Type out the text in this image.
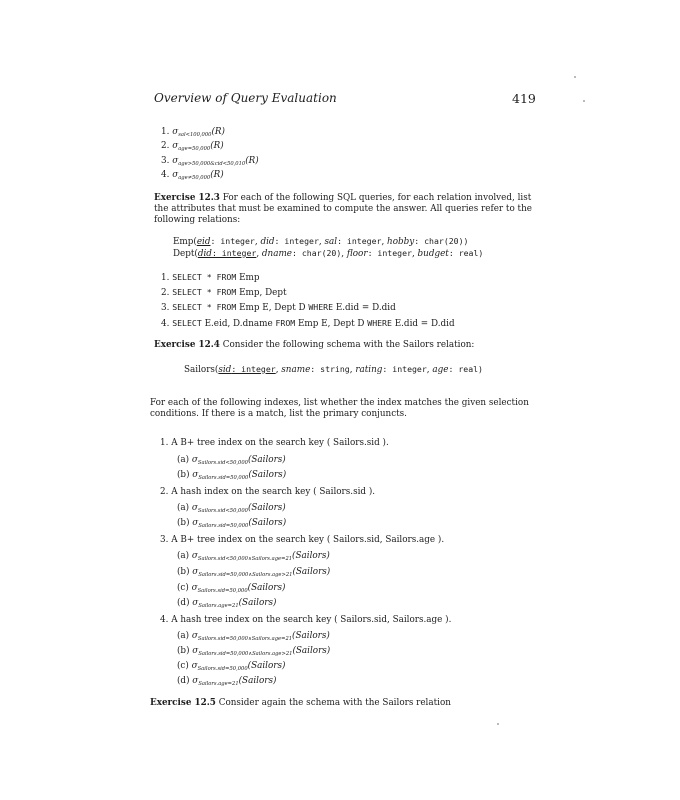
Overview of Query Evaluation	419
1. $\sigma_{sal<100,000}(R)$
2. $\sigma_{age=50,000}(R)$
3. $\sigma_{age>50,000\&cid<50,010}(R)$
4. $\sigma_{age\ne 50,000}(R)$
Exercise 12.3 For each of the following SQL queries, for each relation involved, list the attributes that must be examined to compute the answer. All queries refer to the following relations:
Emp(eid: integer, did: integer, sal: integer, hobby: char(20))
Dept(did: integer, dname: char(20), floor: integer, budget: real)
1. SELECT * FROM Emp
2. SELECT * FROM Emp, Dept
3. SELECT * FROM Emp E, Dept D WHERE E.did = D.did
4. SELECT E.eid, D.dname FROM Emp E, Dept D WHERE E.did = D.did
Exercise 12.4 Consider the following schema with the Sailors relation:
Sailors(sid: integer, sname: string, rating: integer, age: real)
For each of the following indexes, list whether the index matches the given selection conditions. If there is a match, list the primary conjuncts.
1. A B+ tree index on the search key ( Sailors.sid ).
(a) $\sigma_{Sailors.sid<50,000}(Sailors)$
(b) $\sigma_{Sailors.sid=50,000}(Sailors)$
2. A hash index on the search key ( Sailors.sid ).
(a) $\sigma_{Sailors.sid<50,000}(Sailors)$
(b) $\sigma_{Sailors.sid=50,000}(Sailors)$
3. A B+ tree index on the search key ( Sailors.sid, Sailors.age ).
(a) $\sigma_{Sailors.sid<50,000\wedge Sailors.age=21}(Sailors)$
(b) $\sigma_{Sailors.sid=50,000\wedge Sailors.age>21}(Sailors)$
(c) $\sigma_{Sailors.sid=50,000}(Sailors)$
(d) $\sigma_{Sailors.age=21}(Sailors)$
4. A hash tree index on the search key ( Sailors.sid, Sailors.age ).
(a) $\sigma_{Sailors.sid=50,000\wedge Sailors.age=21}(Sailors)$
(b) $\sigma_{Sailors.sid=50,000\wedge Sailors.age>21}(Sailors)$
(c) $\sigma_{Sailors.sid=50,000}(Sailors)$
(d) $\sigma_{Sailors.age=21}(Sailors)$
Exercise 12.5 Consider again the schema with the Sailors relation
